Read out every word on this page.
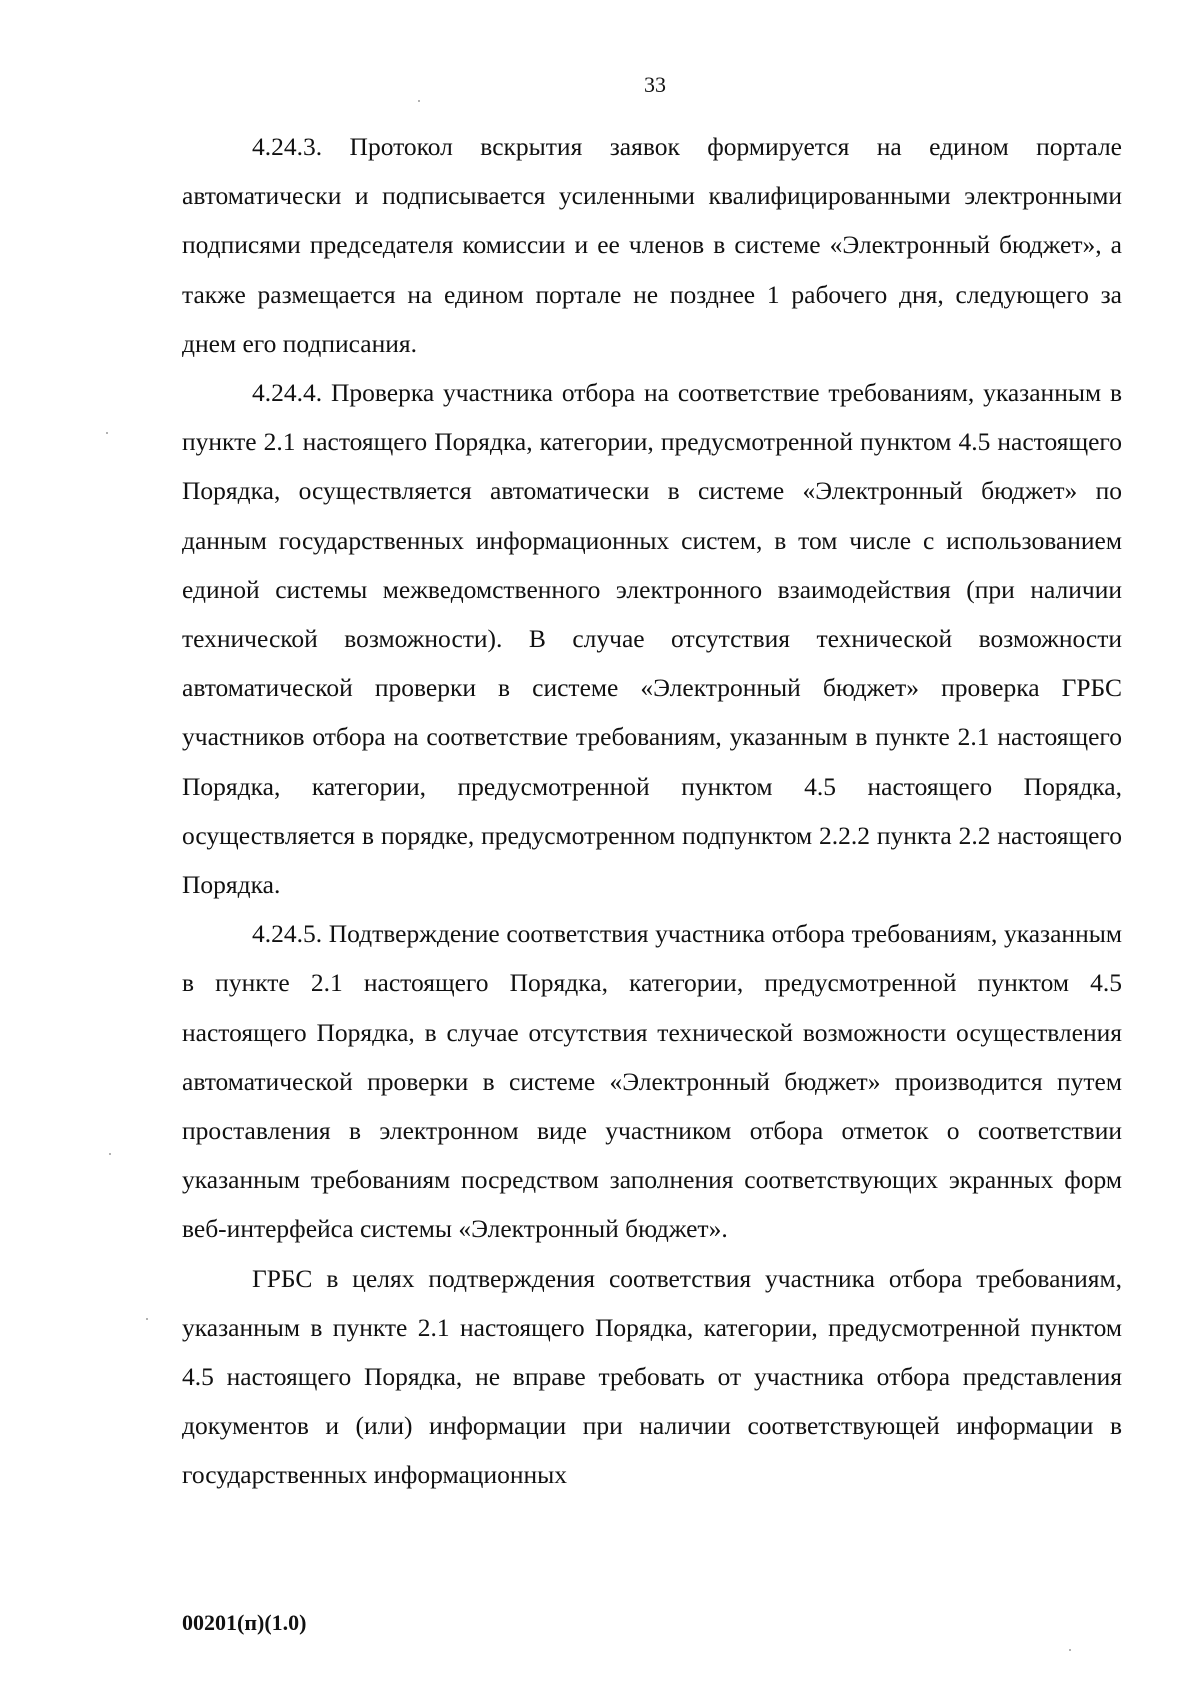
33

4.24.3. Протокол вскрытия заявок формируется на едином портале автоматически и подписывается усиленными квалифицированными электронными подписями председателя комиссии и ее членов в системе «Электронный бюджет», а также размещается на едином портале не позднее 1 рабочего дня, следующего за днем его подписания.

4.24.4. Проверка участника отбора на соответствие требованиям, указанным в пункте 2.1 настоящего Порядка, категории, предусмотренной пунктом 4.5 настоящего Порядка, осуществляется автоматически в системе «Электронный бюджет» по данным государственных информационных систем, в том числе с использованием единой системы межведомственного электронного взаимодействия (при наличии технической возможности). В случае отсутствия технической возможности автоматической проверки в системе «Электронный бюджет» проверка ГРБС участников отбора на соответствие требованиям, указанным в пункте 2.1 настоящего Порядка, категории, предусмотренной пунктом 4.5 настоящего Порядка, осуществляется в порядке, предусмотренном подпунктом 2.2.2 пункта 2.2 настоящего Порядка.

4.24.5. Подтверждение соответствия участника отбора требованиям, указанным в пункте 2.1 настоящего Порядка, категории, предусмотренной пунктом 4.5 настоящего Порядка, в случае отсутствия технической возможности осуществления автоматической проверки в системе «Электронный бюджет» производится путем проставления в электронном виде участником отбора отметок о соответствии указанным требованиям посредством заполнения соответствующих экранных форм веб-интерфейса системы «Электронный бюджет».

ГРБС в целях подтверждения соответствия участника отбора требованиям, указанным в пункте 2.1 настоящего Порядка, категории, предусмотренной пунктом 4.5 настоящего Порядка, не вправе требовать от участника отбора представления документов и (или) информации при наличии соответствующей информации в государственных информационных

00201(п)(1.0)
